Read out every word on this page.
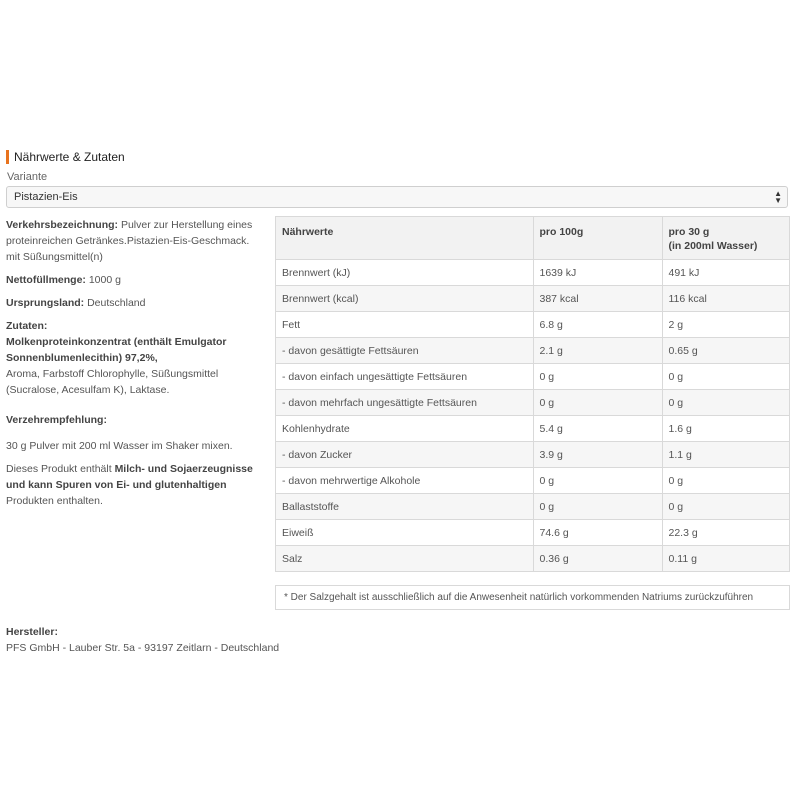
Nährwerte & Zutaten
Variante
Pistazien-Eis	▲
▼

Verkehrsbezeichnung: Pulver zur Herstellung eines proteinreichen Getränkes.Pistazien-Eis-Geschmack. mit Süßungsmittel(n)

Nettofüllmenge: 1000 g

Ursprungsland: Deutschland

Zutaten:
Molkenproteinkonzentrat (enthält Emulgator Sonnenblumenlecithin) 97,2%,
Aroma, Farbstoff Chlorophylle, Süßungsmittel (Sucralose, Acesulfam K), Laktase.

Verzehrempfehlung:

30 g Pulver mit 200 ml Wasser im Shaker mixen.

Dieses Produkt enthält Milch- und Sojaerzeugnisse und kann Spuren von Ei- und glutenhaltigen Produkten enthalten.

Nährwerte	pro 100g	pro 30 g
(in 200ml Wasser)
Brennwert (kJ)	1639 kJ	491 kJ
Brennwert (kcal)	387 kcal	116 kcal
Fett	6.8 g	2 g
- davon gesättigte Fettsäuren	2.1 g	0.65 g
- davon einfach ungesättigte Fettsäuren	0 g	0 g
- davon mehrfach ungesättigte Fettsäuren	0 g	0 g
Kohlenhydrate	5.4 g	1.6 g
- davon Zucker	3.9 g	1.1 g
- davon mehrwertige Alkohole	0 g	0 g
Ballaststoffe	0 g	0 g
Eiweiß	74.6 g	22.3 g
Salz	0.36 g	0.11 g
* Der Salzgehalt ist ausschließlich auf die Anwesenheit natürlich vorkommenden Natriums zurückzuführen
Hersteller:
PFS GmbH - Lauber Str. 5a - 93197 Zeitlarn - Deutschland
